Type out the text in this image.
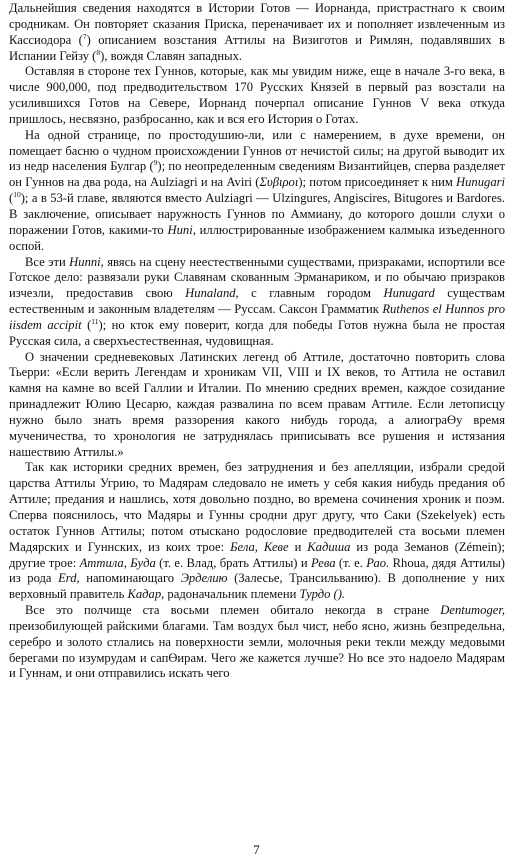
Дальнейшия сведения находятся в Истории Готов — Иорнанда, пристрастнаго к своим сродникам. Он повторяет сказания Приска, переначивает их и пополняет извлеченным из Кассиодора ($^7$) описанием возстания Аттилы на Визиготов и Римлян, подавлявших в Испании Гейзу ($^8$), вождя Славян западных.

Оставляя в стороне тех Гуннов, которые, как мы увидим ниже, еще в начале 3-го века, в числе 900,000, под предводительством 170 Русских Князей в первый раз возстали на усилившихся Готов на Севере, Иорнанд почерпал описание Гуннов V века откуда пришлось, несвязно, разбросанно, как и вся его История о Готах.

На одной странице, по простодушию-ли, или с намерением, в духе времени, он помещает басню о чудном происхождении Гуннов от нечистой силы; на другой выводит их из недр населения Булгар ($^9$); по неопределенным сведениям Византийцев, сперва разделяет он Гуннов на два рода, на Aulziagri и на Aviri (Συβιροι); потом присоединяет к ним Hunugari ($^{10}$); а в 53-й главе, являются вместо Aulziagri — Ulzingures, Angiscires, Bitugores и Bardores. В заключение, описывает наружность Гуннов по Аммиану, до которого дошли слухи о поражении Готов, какими-то Huni, иллюстрированные изображением калмыка изъеденного оспой.

Все эти Hunni, явясь на сцену неестественными существами, призраками, испортили все Готское дело: развязали руки Славянам скованным Эрманариком, и по обычаю призраков изчезли, предоставив свою Hunaland, с главным городом Hunugard существам естественным и законным владетелям — Руссам. Саксон Грамматик Ruthenos el Hunnos pro iisdem accipit ($^{11}$); но кток ему поверит, когда для победы Готов нужна была не простая Русская сила, а сверхъестественная, чудовищная.

О значении средневековых Латинских легенд об Аттиле, достаточно повторить слова Тьерри: «Если верить Легендам и хроникам VII, VIII и IX веков, то Аттила не оставил камня на камне во всей Галлии и Италии. По мнению средних времен, каждое созидание принадлежит Юлию Цесарю, каждая развалина по всем правам Аттиле. Если летописцу нужно было знать время раззорения какого нибудь города, а алиограӨу время мученичества, то хронология не затруднялась приписывать все рушения и истязания нашествию Аттилы.»

Так как историки средних времен, без затруднения и без апелляции, избрали средой царства Аттилы Угрию, то Мадярам следовало не иметь у себя какия нибудь предания об Аттиле; предания и нашлись, хотя довольно поздно, во времена сочинения хроник и поэм. Сперва пояснилось, что Мадяры и Гунны сродни друг другу, что Саки (Szekelyek) есть остаток Гуннов Аттилы; потом отыскано родословие предводителей ста восьми племен Мадярских и Гуннских, из коих трое: Бела, Кеве и Кадиша из рода Земанов (Zémein); другие трое: Аттила, Буда (т. е. Влад, брать Аттилы) и Рева (т. е. Рао. Rhoua, дядя Аттилы) из рода Erd, напоминающаго Эрделию (Залесье, Трансильванию). В дополнение у них верховный правитель Кадар, радоначальник племени Турдо ().

Все это полчище ста восьми племен обитало некогда в стране Dentumoger, преизобилующей райскими благами. Там воздух был чист, небо ясно, жизнь безпредельна, серебро и золото стлались на поверхности земли, молочныя реки текли между медовыми берегами по изумрудам и сапӨирам. Чего же кажется лучше? Но все это надоело Мадярам и Гуннам, и они отправились искать чего

7
